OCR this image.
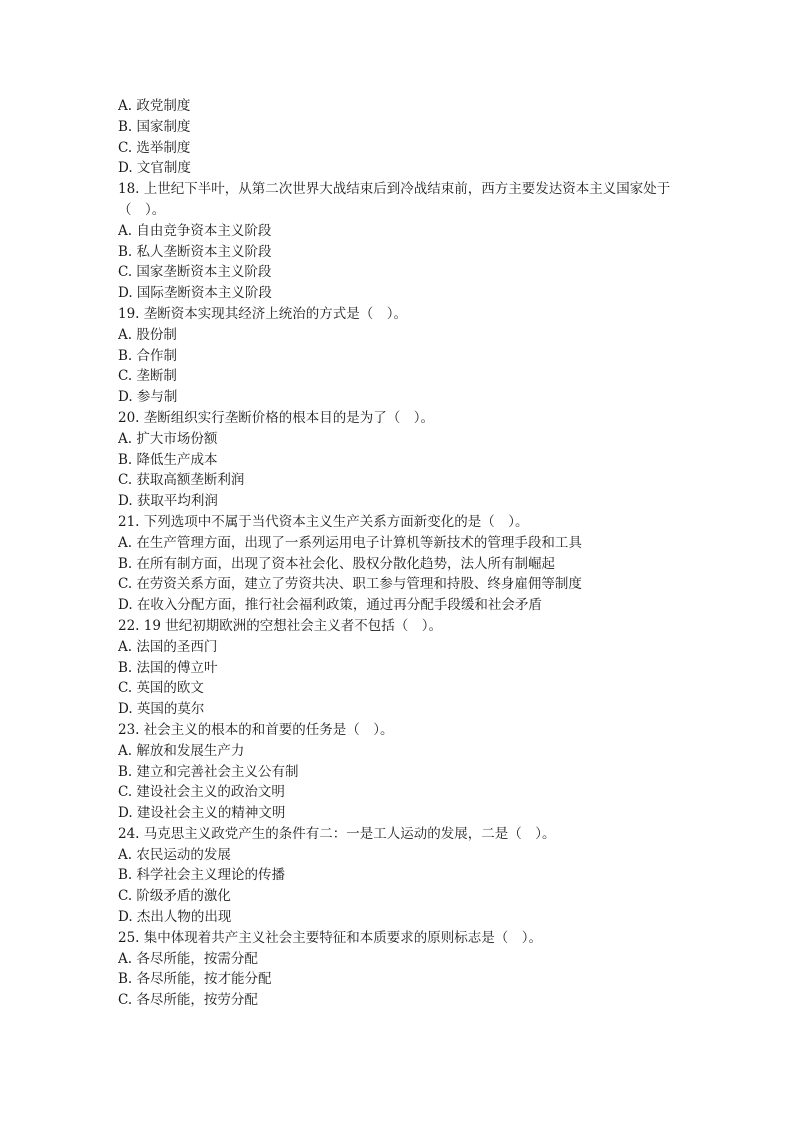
A. 政党制度

B. 国家制度

C. 选举制度

D. 文官制度

18. 上世纪下半叶，从第二次世界大战结束后到冷战结束前，西方主要发达资本主义国家处于（　）。

A. 自由竞争资本主义阶段

B. 私人垄断资本主义阶段

C. 国家垄断资本主义阶段

D. 国际垄断资本主义阶段

19. 垄断资本实现其经济上统治的方式是（　）。

A. 股份制

B. 合作制

C. 垄断制

D. 参与制

20. 垄断组织实行垄断价格的根本目的是为了（　）。

A. 扩大市场份额

B. 降低生产成本

C. 获取高额垄断利润

D. 获取平均利润

21. 下列选项中不属于当代资本主义生产关系方面新变化的是（　）。

A. 在生产管理方面，出现了一系列运用电子计算机等新技术的管理手段和工具

B. 在所有制方面，出现了资本社会化、股权分散化趋势，法人所有制崛起

C. 在劳资关系方面，建立了劳资共决、职工参与管理和持股、终身雇佣等制度

D. 在收入分配方面，推行社会福利政策，通过再分配手段缓和社会矛盾

22. 19 世纪初期欧洲的空想社会主义者不包括（　）。

A. 法国的圣西门

B. 法国的傅立叶

C. 英国的欧文

D. 英国的莫尔

23. 社会主义的根本的和首要的任务是（　）。

A. 解放和发展生产力

B. 建立和完善社会主义公有制

C. 建设社会主义的政治文明

D. 建设社会主义的精神文明

24. 马克思主义政党产生的条件有二：一是工人运动的发展，二是（　）。

A. 农民运动的发展

B. 科学社会主义理论的传播

C. 阶级矛盾的激化

D. 杰出人物的出现

25. 集中体现着共产主义社会主要特征和本质要求的原则标志是（　）。

A. 各尽所能，按需分配

B. 各尽所能，按才能分配

C. 各尽所能，按劳分配
